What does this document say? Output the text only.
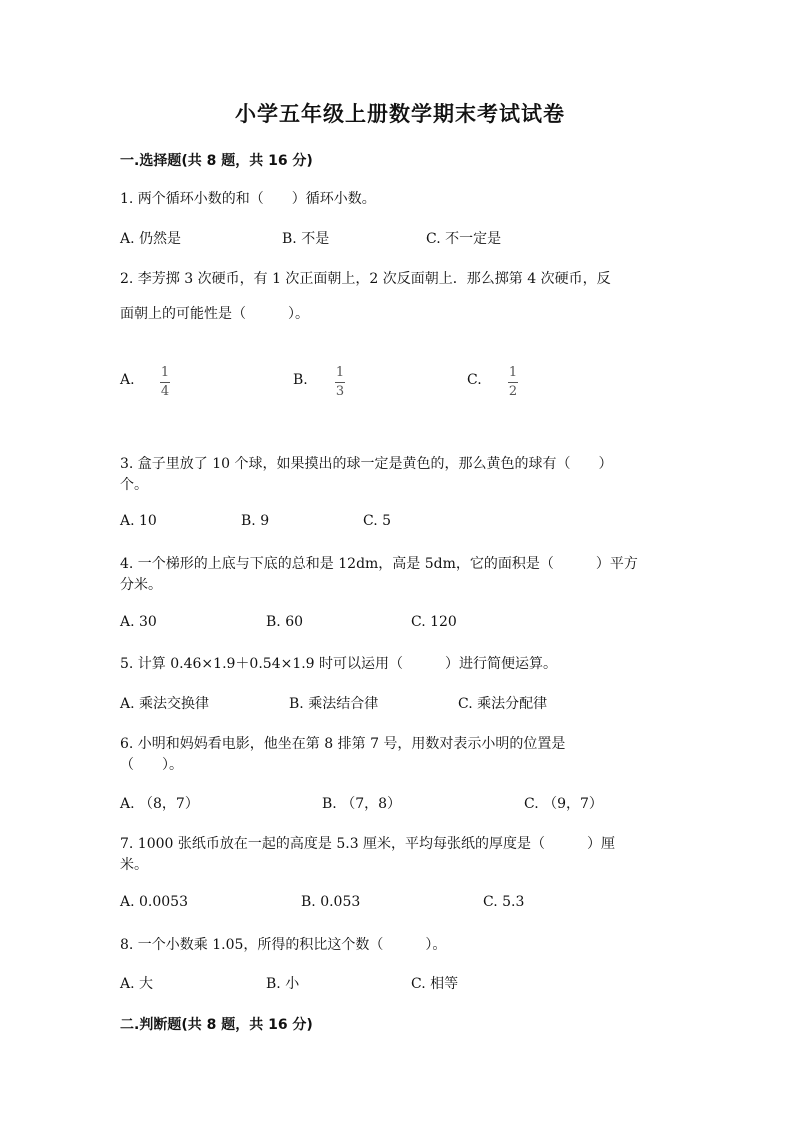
小学五年级上册数学期末考试试卷
一.选择题(共 8 题，共 16 分)
1. 两个循环小数的和（　　）循环小数。
A. 仍然是	B. 不是	C. 不一定是
2. 李芳掷 3 次硬币，有 1 次正面朝上，2 次反面朝上．那么掷第 4 次硬币，反
面朝上的可能性是（　　　）。
A. 1
4
B. 1
3
C. 1
2
3. 盒子里放了 10 个球，如果摸出的球一定是黄色的，那么黄色的球有（　　）
个。
A. 10	B. 9	C. 5
4. 一个梯形的上底与下底的总和是 12dm，高是 5dm，它的面积是（　　　）平方
分米。
A. 30	B. 60	C. 120
5. 计算 0.46×1.9＋0.54×1.9 时可以运用（　　　）进行简便运算。
A. 乘法交换律	B. 乘法结合律	C. 乘法分配律
6. 小明和妈妈看电影，他坐在第 8 排第 7 号，用数对表示小明的位置是
（　　）。
A. （8，7）	B. （7，8）	C. （9，7）
7. 1000 张纸币放在一起的高度是 5.3 厘米，平均每张纸的厚度是（　　　）厘
米。
A. 0.0053	B. 0.053	C. 5.3
8. 一个小数乘 1.05，所得的积比这个数（　　　）。
A. 大	B. 小	C. 相等
二.判断题(共 8 题，共 16 分)
